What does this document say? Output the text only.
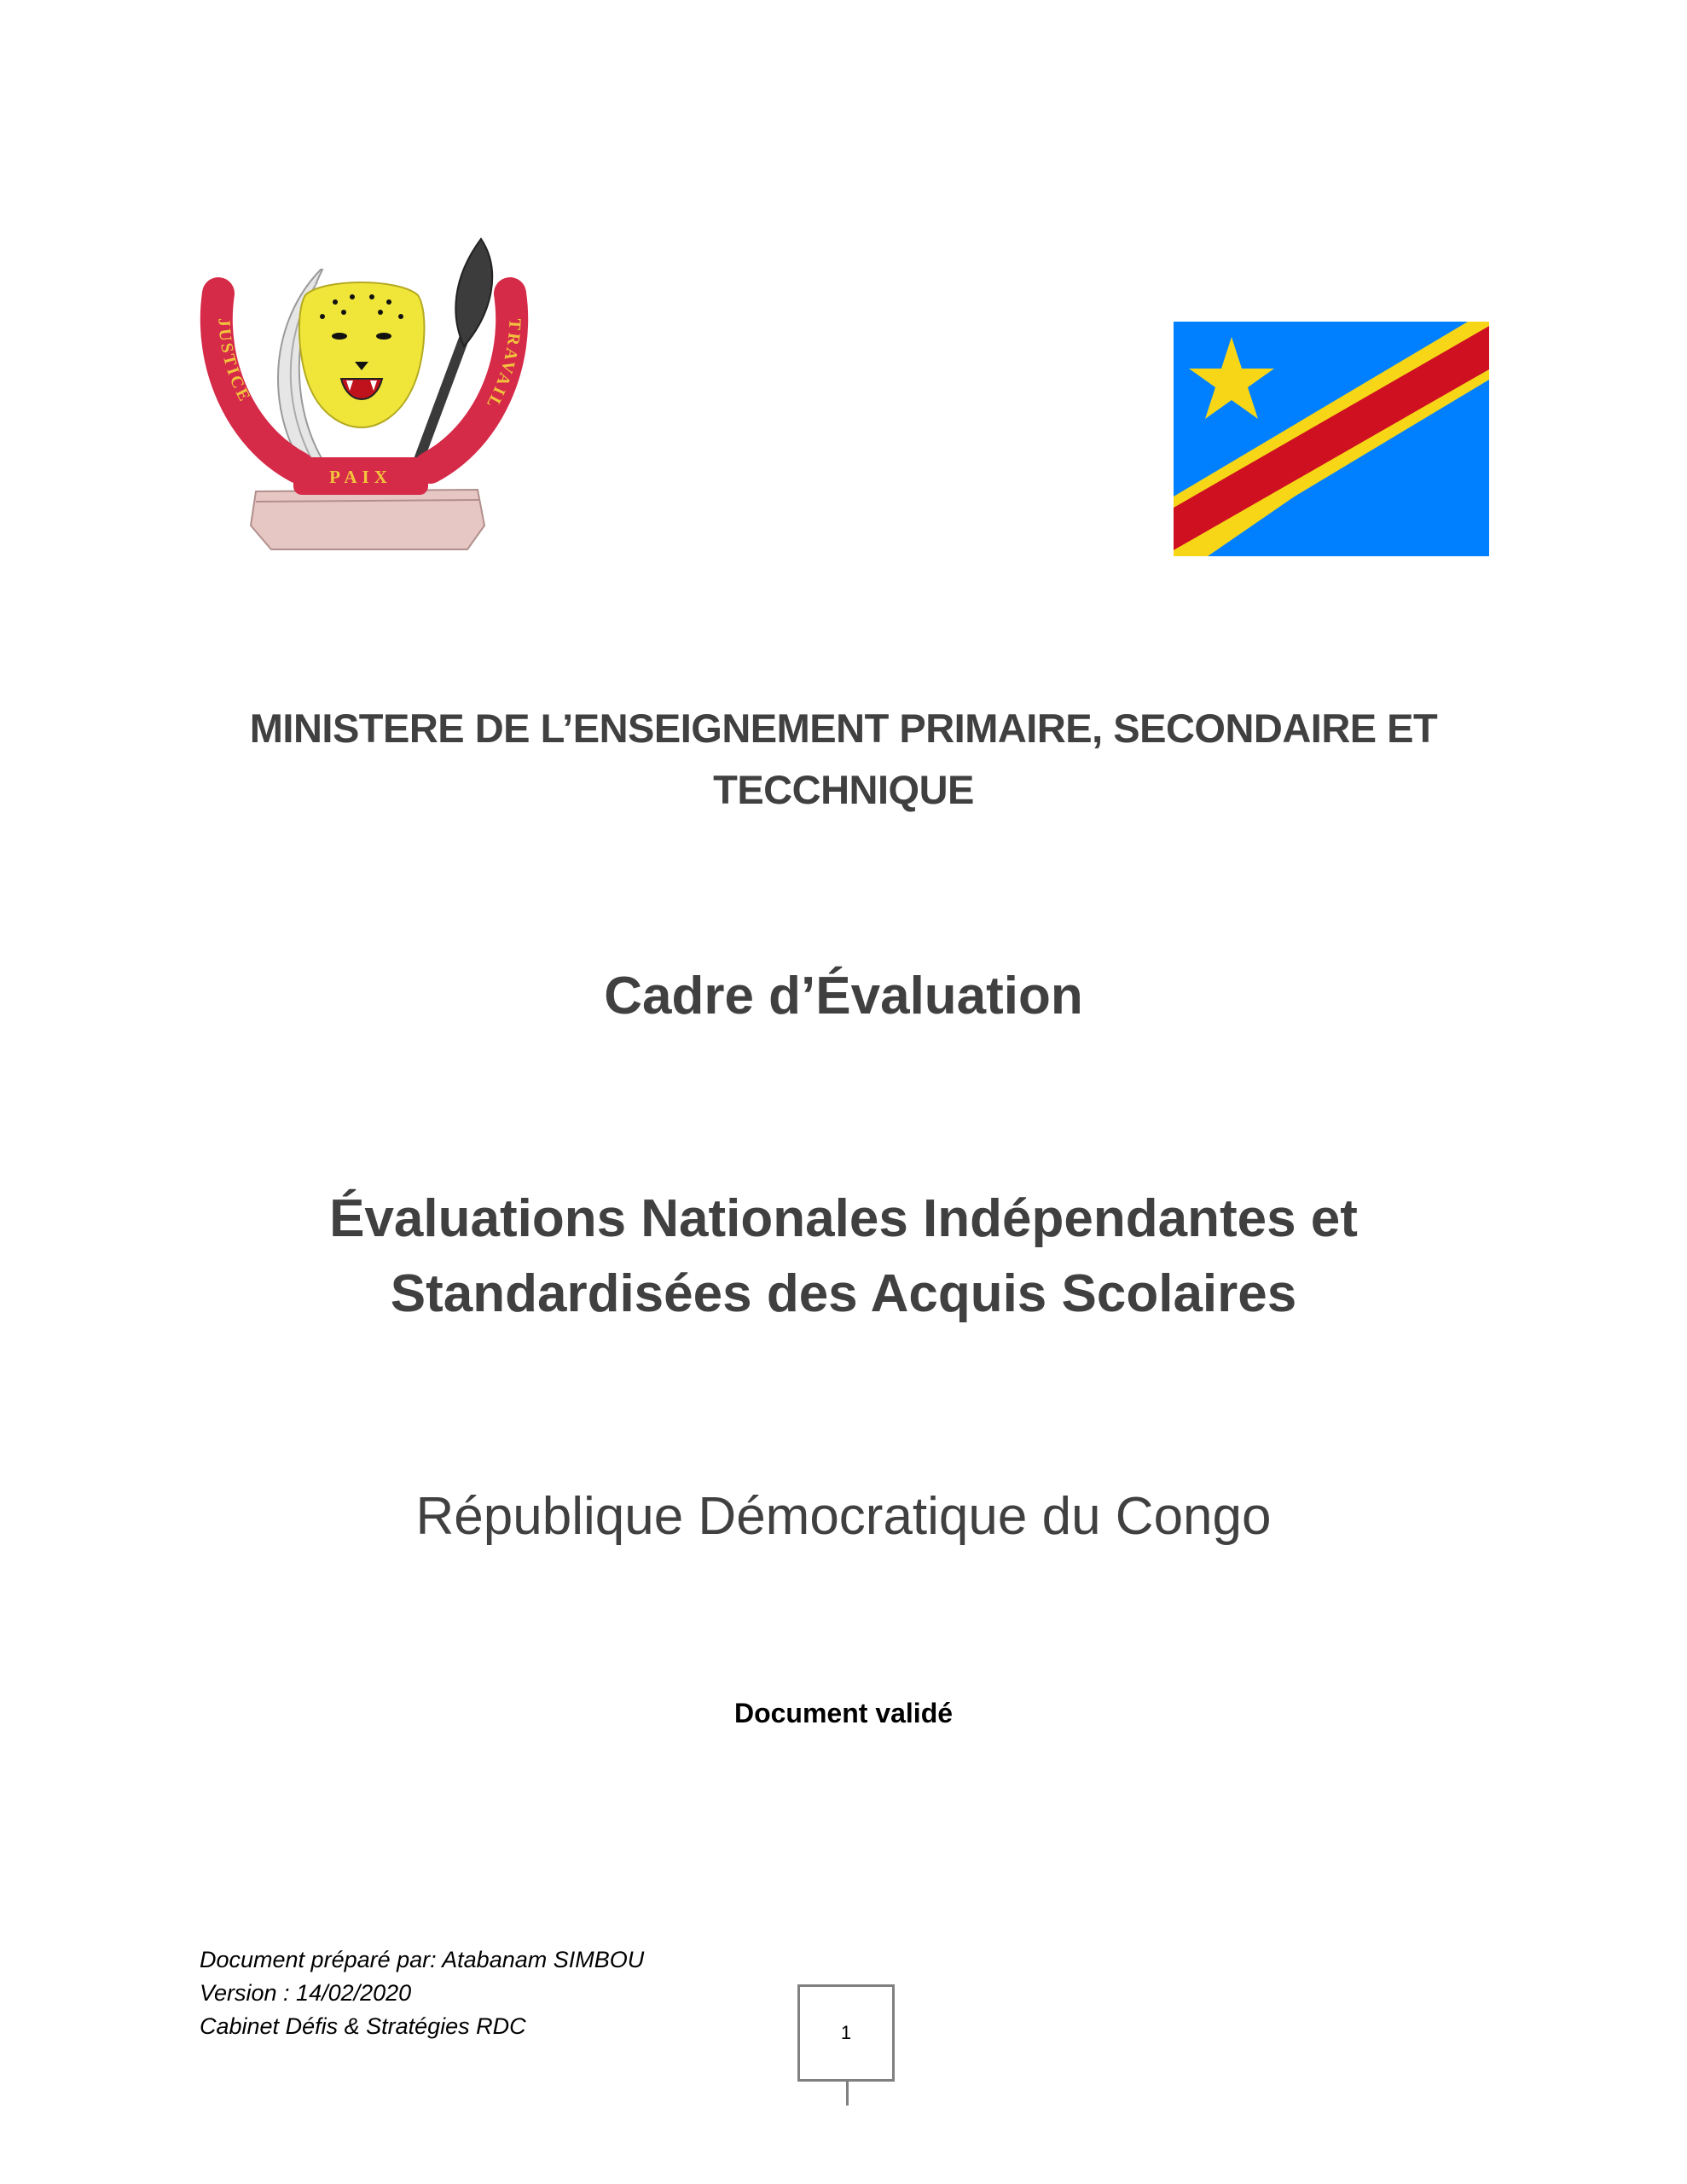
JUSTICE
TRAVAIL
PAIX
MINISTERE DE L’ENSEIGNEMENT PRIMAIRE, SECONDAIRE ET
TECCHNIQUE
Cadre d’Évaluation
Évaluations Nationales Indépendantes et
Standardisées des Acquis Scolaires
République Démocratique du Congo
Document validé
Document préparé par: Atabanam SIMBOU
Version : 14/02/2020
Cabinet Défis & Stratégies RDC	1
